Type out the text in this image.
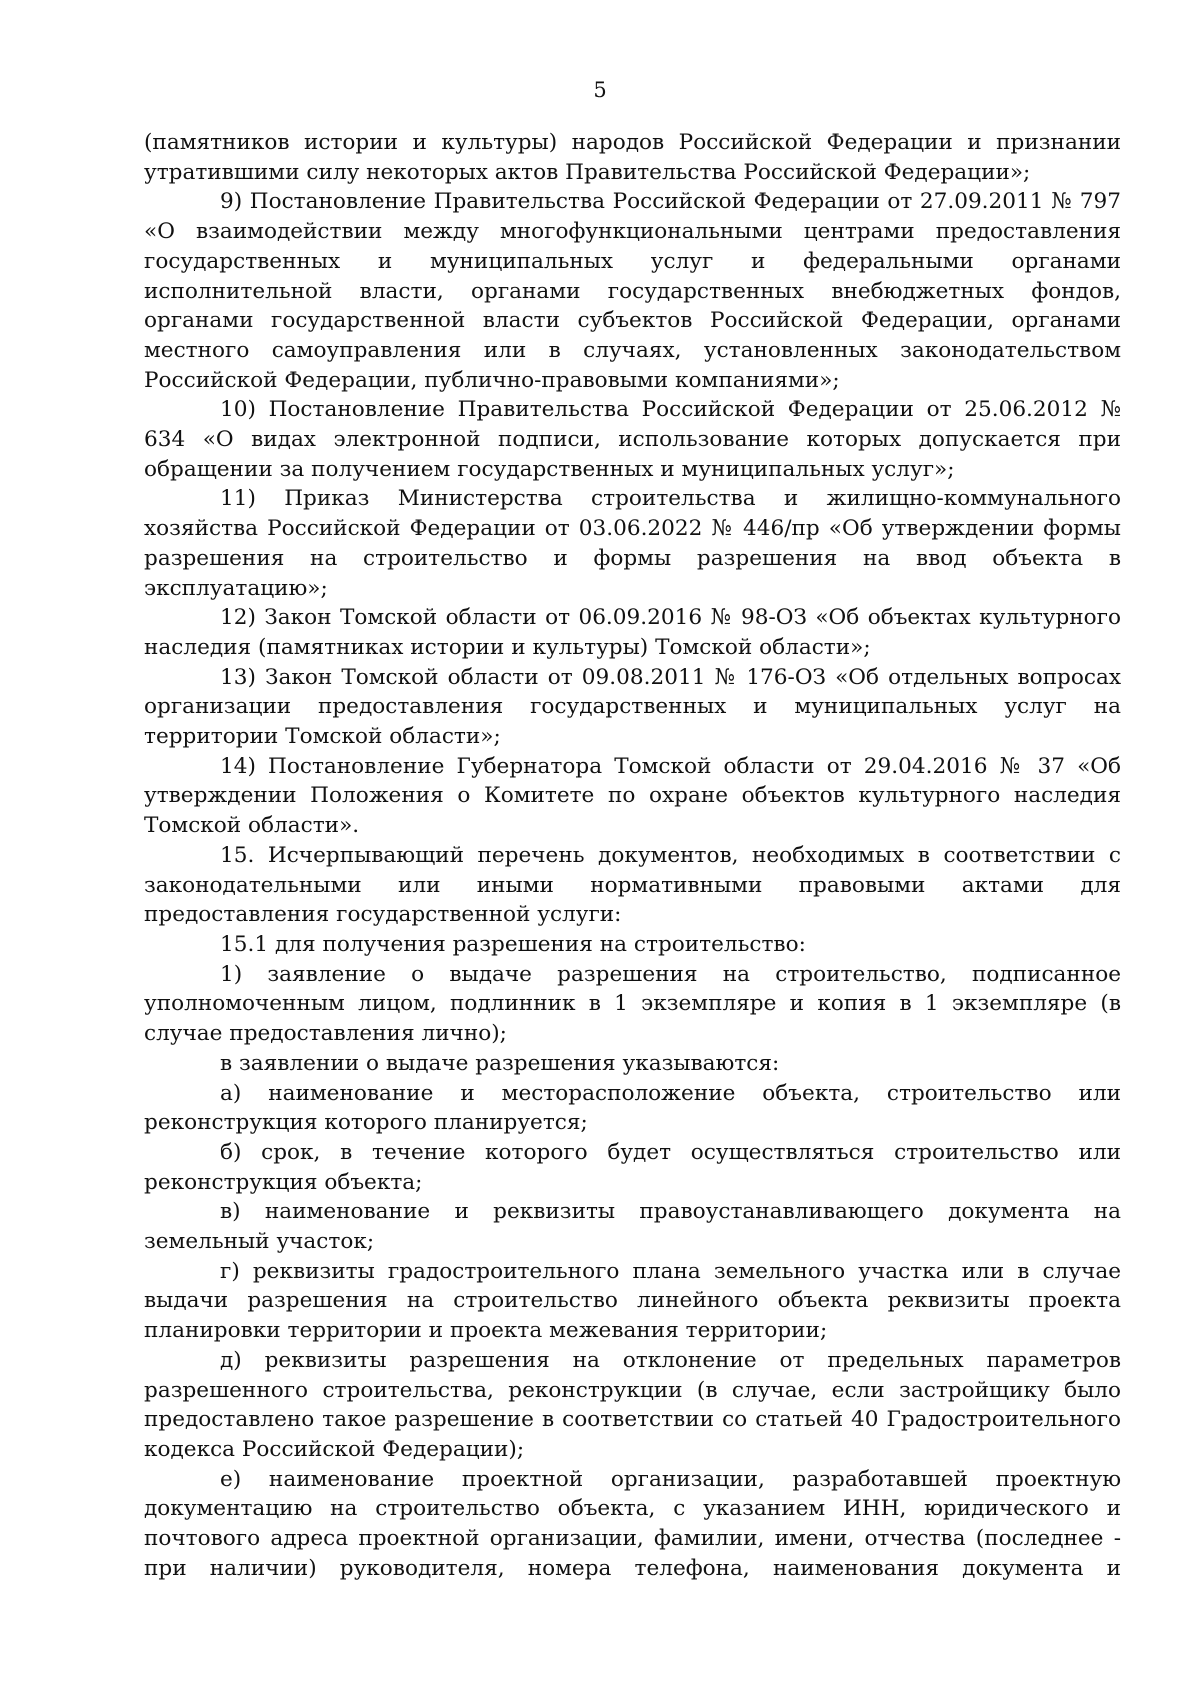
5

(памятников истории и культуры) народов Российской Федерации и признании утратившими силу некоторых актов Правительства Российской Федерации»;

9) Постановление Правительства Российской Федерации от 27.09.2011 № 797 «О взаимодействии между многофункциональными центрами предоставления государственных и муниципальных услуг и федеральными органами исполнительной власти, органами государственных внебюджетных фондов, органами государственной власти субъектов Российской Федерации, органами местного самоуправления или в случаях, установленных законодательством Российской Федерации, публично-правовыми компаниями»;

10) Постановление Правительства Российской Федерации от 25.06.2012 № 634 «О видах электронной подписи, использование которых допускается при обращении за получением государственных и муниципальных услуг»;

11) Приказ Министерства строительства и жилищно-коммунального хозяйства Российской Федерации от 03.06.2022 № 446/пр «Об утверждении формы разрешения на строительство и формы разрешения на ввод объекта в эксплуатацию»;

12) Закон Томской области от 06.09.2016 № 98-ОЗ «Об объектах культурного наследия (памятниках истории и культуры) Томской области»;

13) Закон Томской области от 09.08.2011 № 176-ОЗ «Об отдельных вопросах организации предоставления государственных и муниципальных услуг на территории Томской области»;

14) Постановление Губернатора Томской области от 29.04.2016 № 37 «Об утверждении Положения о Комитете по охране объектов культурного наследия Томской области».

15. Исчерпывающий перечень документов, необходимых в соответствии с законодательными или иными нормативными правовыми актами для предоставления государственной услуги:

15.1 для получения разрешения на строительство:

1) заявление о выдаче разрешения на строительство, подписанное уполномоченным лицом, подлинник в 1 экземпляре и копия в 1 экземпляре (в случае предоставления лично);

в заявлении о выдаче разрешения указываются:

а) наименование и месторасположение объекта, строительство или реконструкция которого планируется;

б) срок, в течение которого будет осуществляться строительство или реконструкция объекта;

в) наименование и реквизиты правоустанавливающего документа на земельный участок;

г) реквизиты градостроительного плана земельного участка или в случае выдачи разрешения на строительство линейного объекта реквизиты проекта планировки территории и проекта межевания территории;

д) реквизиты разрешения на отклонение от предельных параметров разрешенного строительства, реконструкции (в случае, если застройщику было предоставлено такое разрешение в соответствии со статьей 40 Градостроительного кодекса Российской Федерации);

е) наименование проектной организации, разработавшей проектную документацию на строительство объекта, с указанием ИНН, юридического и почтового адреса проектной организации, фамилии, имени, отчества (последнее - при наличии) руководителя, номера телефона, наименования документа и
